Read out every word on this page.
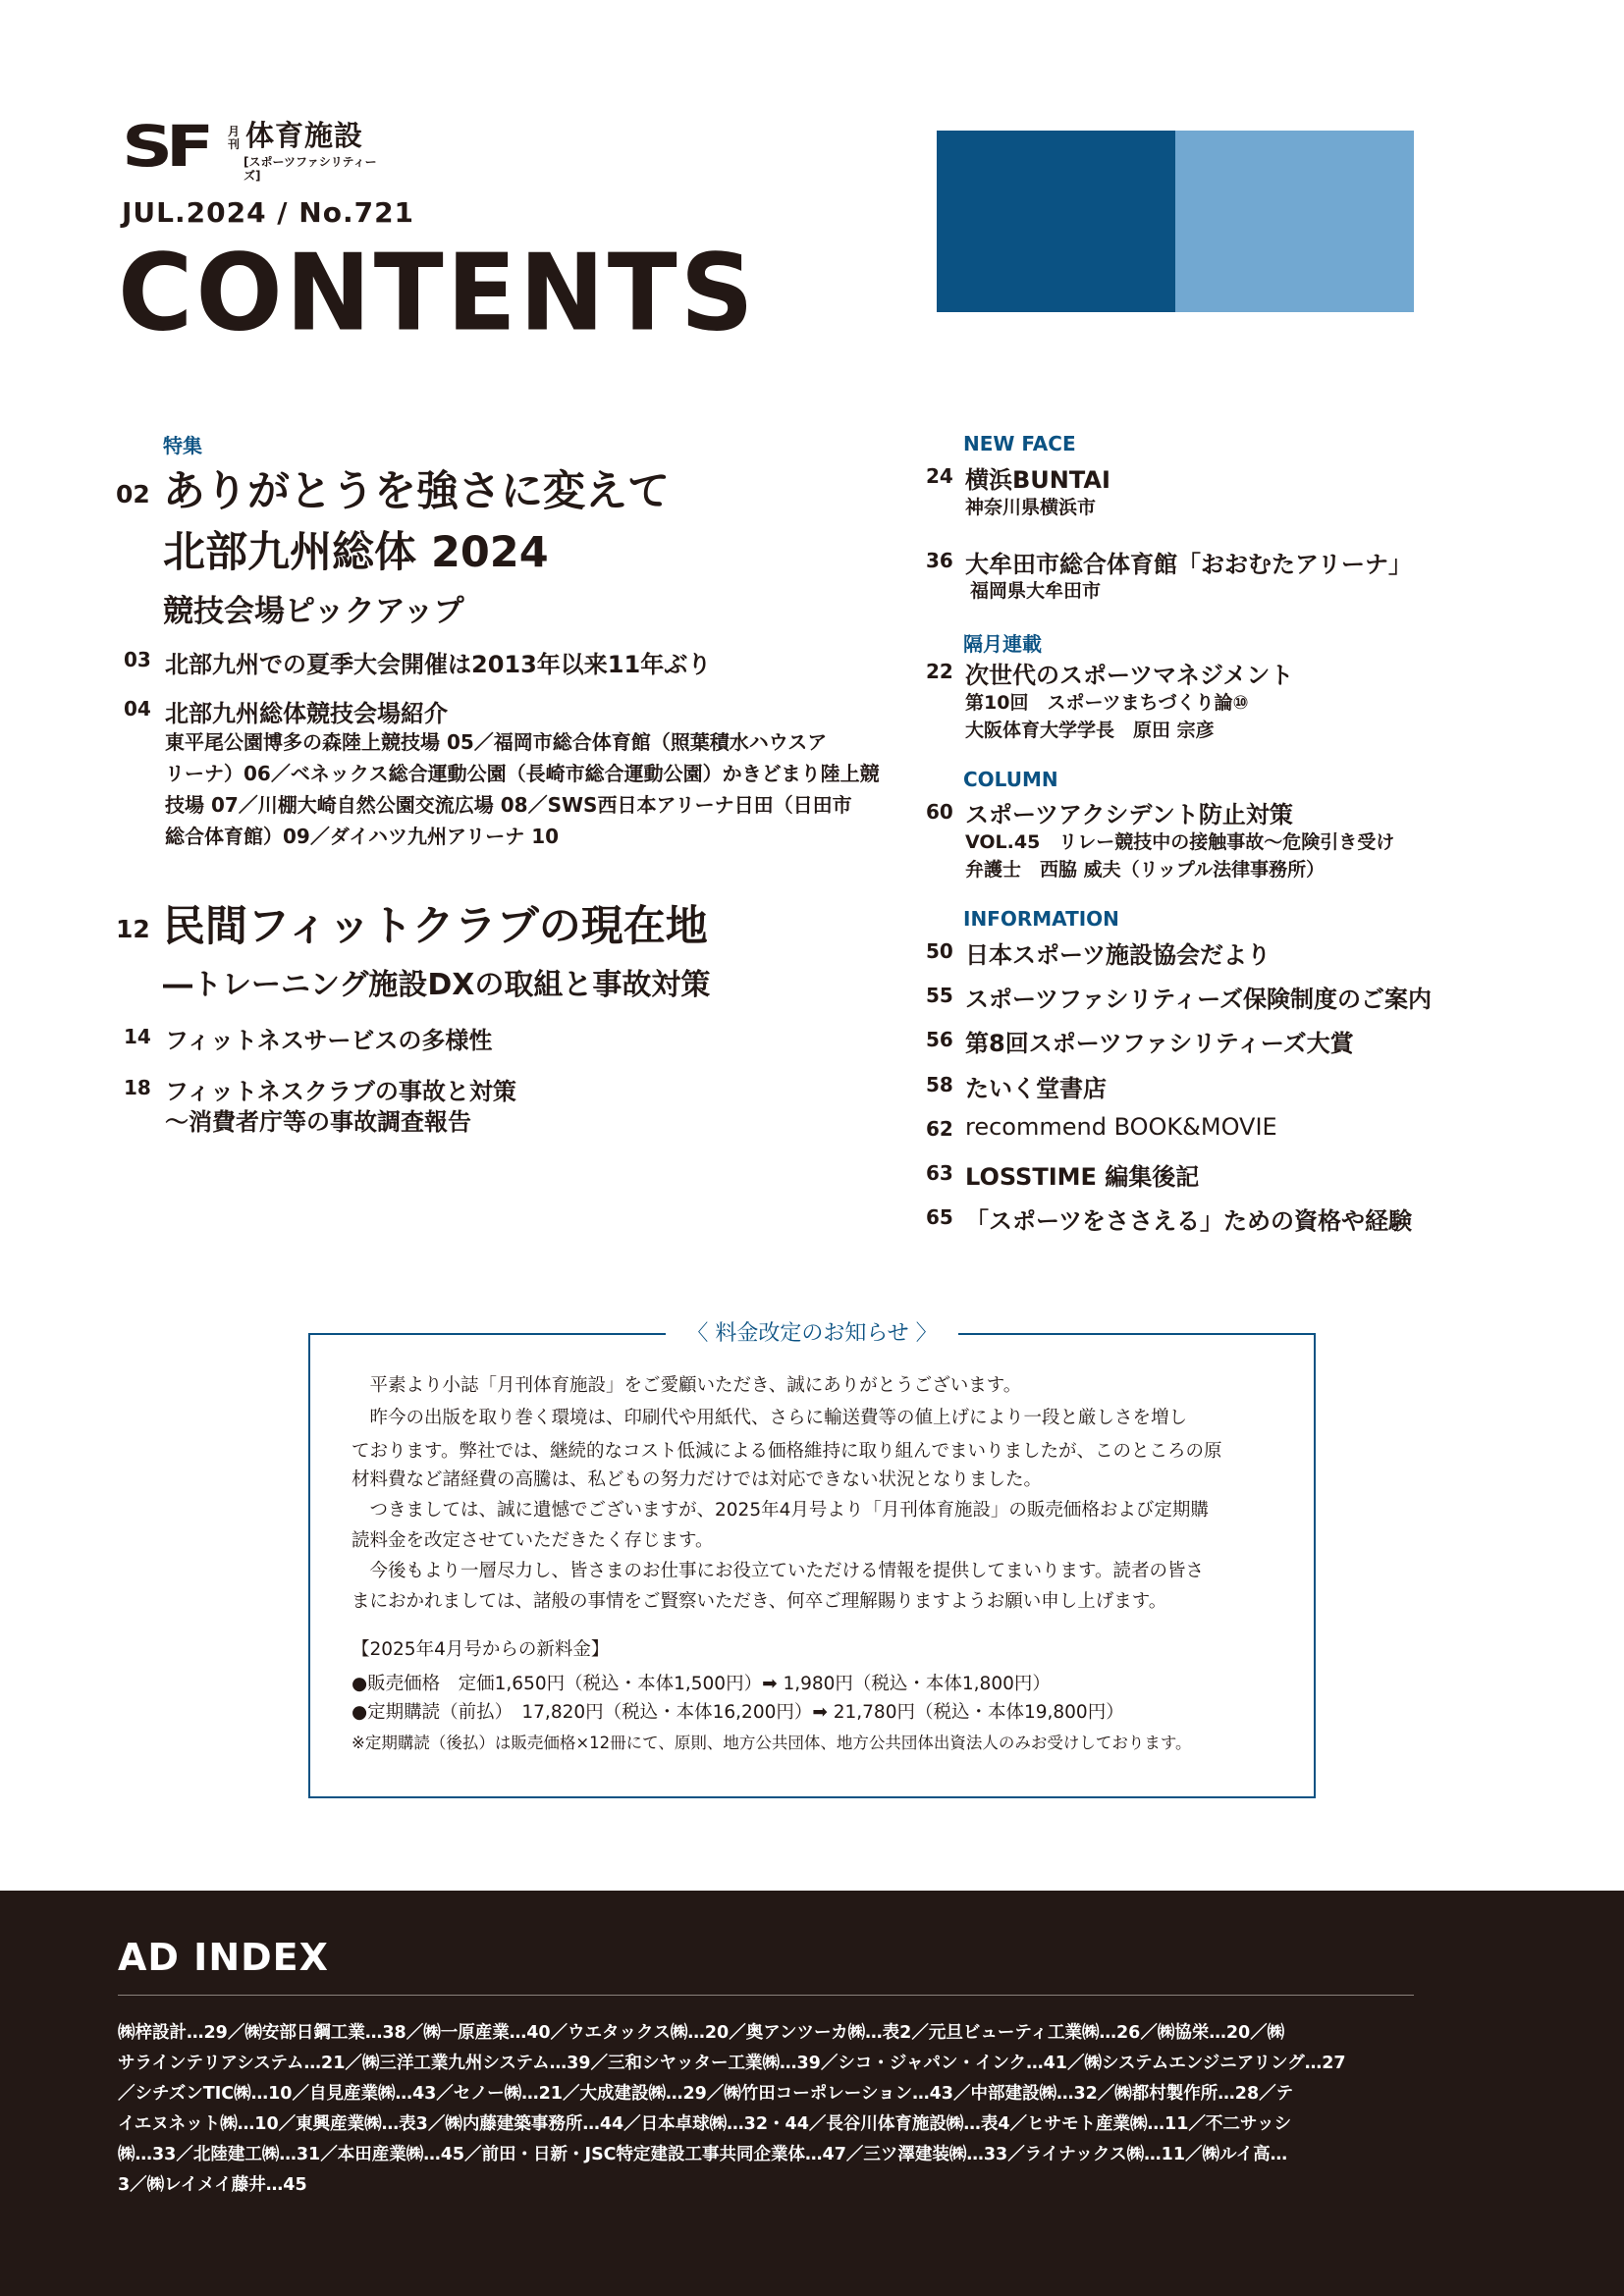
SF 月刊 体育施設
[スポーツファシリティーズ]
JUL.2024 / No.721
CONTENTS
特集
02 ありがとうを強さに変えて
北部九州総体 2024
競技会場ピックアップ
03 北部九州での夏季大会開催は2013年以来11年ぶり
04 北部九州総体競技会場紹介
東平尾公園博多の森陸上競技場 05／福岡市総合体育館（照葉積水ハウスア
リーナ）06／ベネックス総合運動公園（長崎市総合運動公園）かきどまり陸上競
技場 07／川棚大崎自然公園交流広場 08／SWS西日本アリーナ日田（日田市
総合体育館）09／ダイハツ九州アリーナ 10
12 民間フィットクラブの現在地
―トレーニング施設DXの取組と事故対策
14 フィットネスサービスの多様性
18 フィットネスクラブの事故と対策
～消費者庁等の事故調査報告
NEW FACE
24 横浜BUNTAI
神奈川県横浜市
36 大牟田市総合体育館「おおむたアリーナ」
福岡県大牟田市
隔月連載
22 次世代のスポーツマネジメント
第10回　スポーツまちづくり論⑩
大阪体育大学学長　原田 宗彦
COLUMN
60 スポーツアクシデント防止対策
VOL.45　リレー競技中の接触事故～危険引き受け
弁護士　西脇 威夫（リップル法律事務所）
INFORMATION
50 日本スポーツ施設協会だより
55 スポーツファシリティーズ保険制度のご案内
56 第8回スポーツファシリティーズ大賞
58 たいく堂書店
62 recommend BOOK&MOVIE
63 LOSSTIME 編集後記
65 「スポーツをささえる」ための資格や経験
〈 料金改定のお知らせ 〉
　平素より小誌「月刊体育施設」をご愛顧いただき、誠にありがとうございます。
　昨今の出版を取り巻く環境は、印刷代や用紙代、さらに輸送費等の値上げにより一段と厳しさを増し
ております。弊社では、継続的なコスト低減による価格維持に取り組んでまいりましたが、このところの原
材料費など諸経費の高騰は、私どもの努力だけでは対応できない状況となりました。
　つきましては、誠に遺憾でございますが、2025年4月号より「月刊体育施設」の販売価格および定期購
読料金を改定させていただきたく存じます。
　今後もより一層尽力し、皆さまのお仕事にお役立ていただける情報を提供してまいります。読者の皆さ
まにおかれましては、諸般の事情をご賢察いただき、何卒ご理解賜りますようお願い申し上げます。
【2025年4月号からの新料金】
●販売価格　定価1,650円（税込・本体1,500円）➡ 1,980円（税込・本体1,800円）
●定期購読（前払）　17,820円（税込・本体16,200円）➡ 21,780円（税込・本体19,800円）
※定期購読（後払）は販売価格×12冊にて、原則、地方公共団体、地方公共団体出資法人のみお受けしております。
AD INDEX
㈱梓設計…29／㈱安部日鋼工業…38／㈱一原産業…40／ウエタックス㈱…20／奥アンツーカ㈱…表2／元旦ビューティ工業㈱…26／㈱協栄…20／㈱
サラインテリアシステム…21／㈱三洋工業九州システム…39／三和シヤッター工業㈱…39／シコ・ジャパン・インク…41／㈱システムエンジニアリング…27
／シチズンTIC㈱…10／自見産業㈱…43／セノー㈱…21／大成建設㈱…29／㈱竹田コーポレーション…43／中部建設㈱…32／㈱都村製作所…28／テ
イエヌネット㈱…10／東興産業㈱…表3／㈱内藤建築事務所…44／日本卓球㈱…32・44／長谷川体育施設㈱…表4／ヒサモト産業㈱…11／不二サッシ
㈱…33／北陸建工㈱…31／本田産業㈱…45／前田・日新・JSC特定建設工事共同企業体…47／三ツ澤建装㈱…33／ライナックス㈱…11／㈱ルイ高…
3／㈱レイメイ藤井…45
